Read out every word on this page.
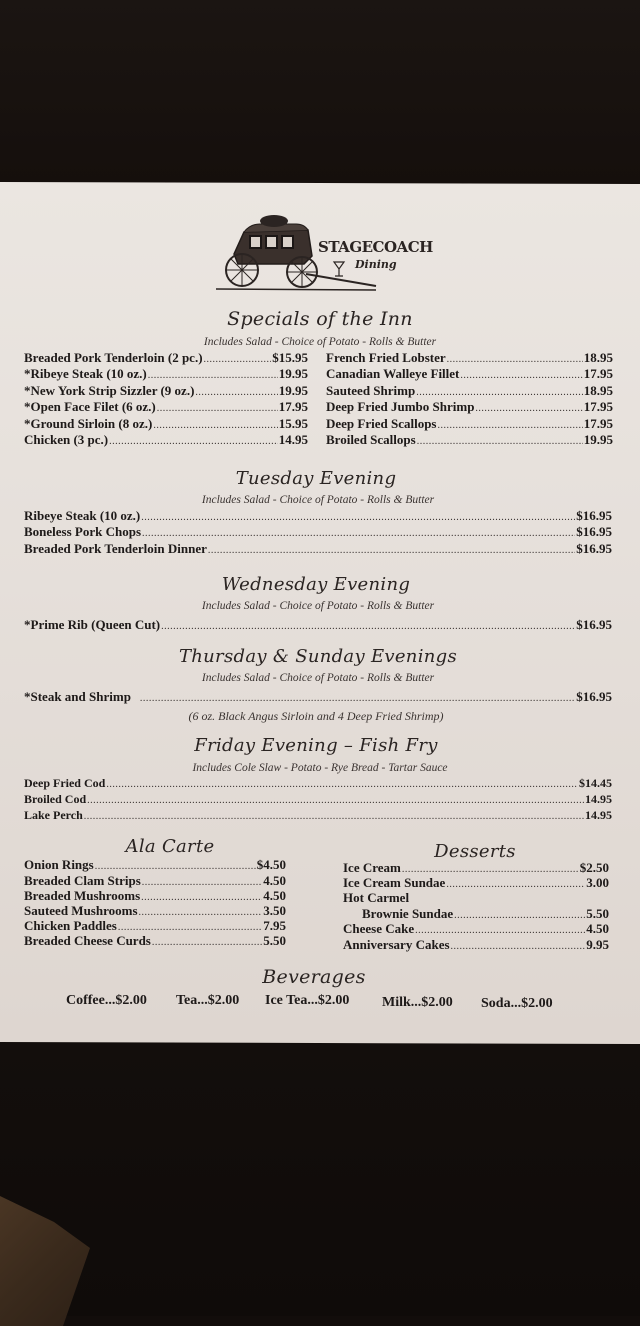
STAGECOACH
Dining
Specials of the Inn
Includes Salad - Choice of Potato - Rolls & Butter
Breaded Pork Tenderloin (2 pc.) .....	$15.95
*Ribeye Steak (10 oz.) .....	19.95
*New York Strip Sizzler (9 oz.) .....	19.95
*Open Face Filet (6 oz.) .....	17.95
*Ground Sirloin (8 oz.) .....	15.95
Chicken (3 pc.) .....	14.95
French Fried Lobster .....	18.95
Canadian Walleye Fillet .....	17.95
Sauteed Shrimp .....	18.95
Deep Fried Jumbo Shrimp .....	17.95
Deep Fried Scallops .....	17.95
Broiled Scallops .....	19.95
Tuesday Evening
Includes Salad - Choice of Potato - Rolls & Butter
Ribeye Steak (10 oz.) .....	$16.95
Boneless Pork Chops .....	$16.95
Breaded Pork Tenderloin Dinner .....	$16.95
Wednesday Evening
Includes Salad - Choice of Potato - Rolls & Butter
*Prime Rib (Queen Cut) .....	$16.95
Thursday & Sunday Evenings
Includes Salad - Choice of Potato - Rolls & Butter
*Steak and Shrimp .....	$16.95
(6 oz. Black Angus Sirloin and 4 Deep Fried Shrimp)
Friday Evening – Fish Fry
Includes Cole Slaw - Potato - Rye Bread - Tartar Sauce
Deep Fried Cod .....	$14.45
Broiled Cod .....	14.95
Lake Perch .....	14.95
Ala Carte
Onion Rings .....	$4.50
Breaded Clam Strips .....	4.50
Breaded Mushrooms .....	4.50
Sauteed Mushrooms .....	3.50
Chicken Paddles .....	7.95
Breaded Cheese Curds .....	5.50
Desserts
Ice Cream .....	$2.50
Ice Cream Sundae .....	3.00
Hot Carmel
Brownie Sundae .....	5.50
Cheese Cake .....	4.50
Anniversary Cakes .....	9.95
Beverages
Coffee...$2.00 Tea...$2.00 Ice Tea...$2.00 Milk...$2.00 Soda...$2.00
